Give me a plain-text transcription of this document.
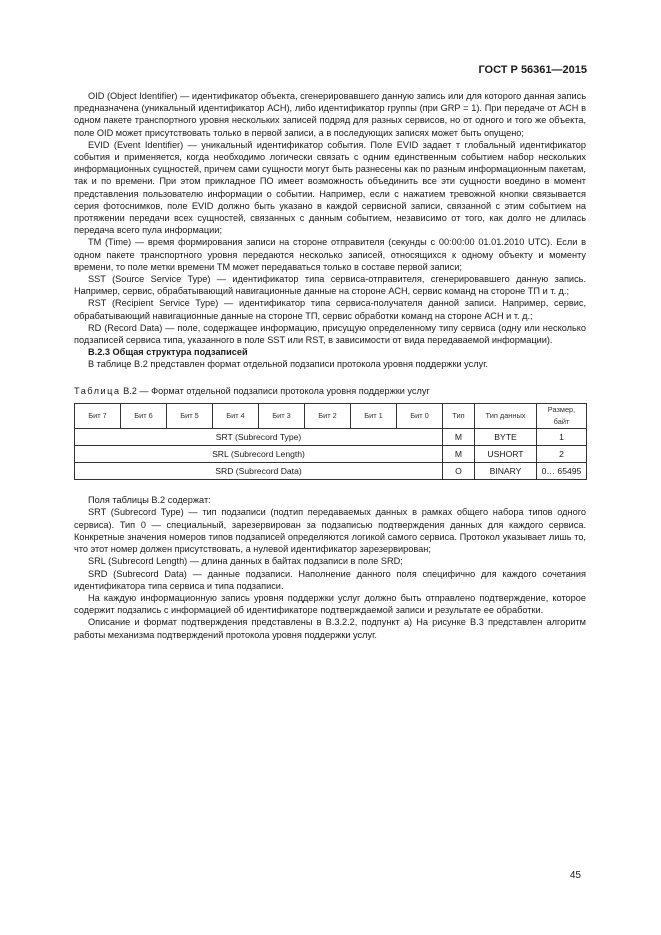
ГОСТ Р 56361—2015

OID (Object Identifier) — идентификатор объекта, сгенерировавшего данную запись или для которого данная запись предназначена (уникальный идентификатор АСН), либо идентификатор группы (при GRP = 1). При передаче от АСН в одном пакете транспортного уровня нескольких записей подряд для разных сервисов, но от одного и того же объекта, поле OID может присутствовать только в первой записи, а в последующих записях может быть опущено;

EVID (Event Identifier) — уникальный идентификатор события. Поле EVID задает т глобальный идентификатор события и применяется, когда необходимо логически связать с одним единственным событием набор нескольких информационных сущностей, причем сами сущности могут быть разнесены как по разным информационным пакетам, так и по времени. При этом прикладное ПО имеет возможность объединить все эти сущности воедино в момент представления пользователю информации о событии. Например, если с нажатием тревожной кнопки связывается серия фотоснимков, поле EVID должно быть указано в каждой сервисной записи, связанной с этим событием на протяжении передачи всех сущностей, связанных с данным событием, независимо от того, как долго не длилась передача всего пула информации;

TM (Time) — время формирования записи на стороне отправителя (секунды с 00:00:00 01.01.2010 UTC). Если в одном пакете транспортного уровня передаются несколько записей, относящихся к одному объекту и моменту времени, то поле метки времени TM может передаваться только в составе первой записи;

SST (Source Service Type) — идентификатор типа сервиса-отправителя, сгенерировавшего данную запись. Например, сервис, обрабатывающий навигационные данные на стороне АСН, сервис команд на стороне ТП и т. д.;

RST (Recipient Service Type) — идентификатор типа сервиса-получателя данной записи. Например, сервис, обрабатывающий навигационные данные на стороне ТП, сервис обработки команд на стороне АСН и т. д.;

RD (Record Data) — поле, содержащее информацию, присущую определенному типу сервиса (одну или несколько подзаписей сервиса типа, указанного в поле SST или RST, в зависимости от вида передаваемой информации).

В.2.3 Общая структура подзаписей

В таблице В.2 представлен формат отдельной подзаписи протокола уровня поддержки услуг.

Таблица В.2 — Формат отдельной подзаписи протокола уровня поддержки услуг

Бит 7	Бит 6	Бит 5	Бит 4	Бит 3	Бит 2	Бит 1	Бит 0	Тип	Тип данных	Размер, байт
SRT (Subrecord Type)								M	BYTE	1
SRL (Subrecord Length)								M	USHORT	2
SRD (Subrecord Data)								O	BINARY	0… 65495

Поля таблицы В.2 содержат:

SRT (Subrecord Type) — тип подзаписи (подтип передаваемых данных в рамках общего набора типов одного сервиса). Тип 0 — специальный, зарезервирован за подзаписью подтверждения данных для каждого сервиса. Конкретные значения номеров типов подзаписей определяются логикой самого сервиса. Протокол указывает лишь то, что этот номер должен присутствовать, а нулевой идентификатор зарезервирован;

SRL (Subrecord Length) — длина данных в байтах подзаписи в поле SRD;

SRD (Subrecord Data) — данные подзаписи. Наполнение данного поля специфично для каждого сочетания идентификатора типа сервиса и типа подзаписи.

На каждую информационную запись уровня поддержки услуг должно быть отправлено подтверждение, которое содержит подзапись с информацией об идентификаторе подтверждаемой записи и результате ее обработки.

Описание и формат подтверждения представлены в В.3.2.2, подпункт а) На рисунке В.3 представлен алгоритм работы механизма подтверждений протокола уровня поддержки услуг.

45
